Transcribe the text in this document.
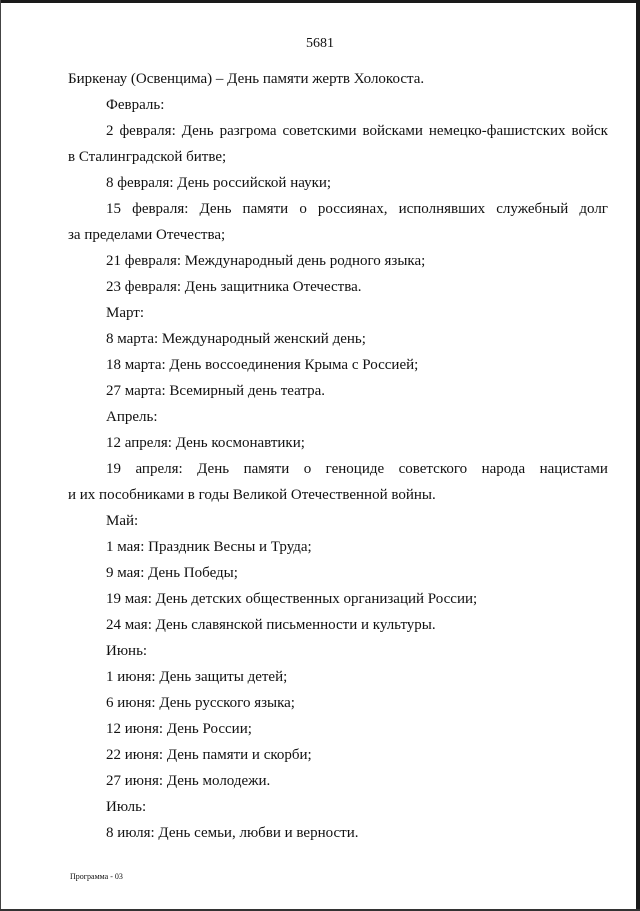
5681
Биркенау (Освенцима) – День памяти жертв Холокоста.
Февраль:
2 февраля: День разгрома советскими войсками немецко-фашистских войск
в Сталинградской битве;
8 февраля: День российской науки;
15 февраля: День памяти о россиянах, исполнявших служебный долг
за пределами Отечества;
21 февраля: Международный день родного языка;
23 февраля: День защитника Отечества.
Март:
8 марта: Международный женский день;
18 марта: День воссоединения Крыма с Россией;
27 марта: Всемирный день театра.
Апрель:
12 апреля: День космонавтики;
19 апреля: День памяти о геноциде советского народа нацистами
и их пособниками в годы Великой Отечественной войны.
Май:
1 мая: Праздник Весны и Труда;
9 мая: День Победы;
19 мая: День детских общественных организаций России;
24 мая: День славянской письменности и культуры.
Июнь:
1 июня: День защиты детей;
6 июня: День русского языка;
12 июня: День России;
22 июня: День памяти и скорби;
27 июня: День молодежи.
Июль:
8 июля: День семьи, любви и верности.
Программа - 03
